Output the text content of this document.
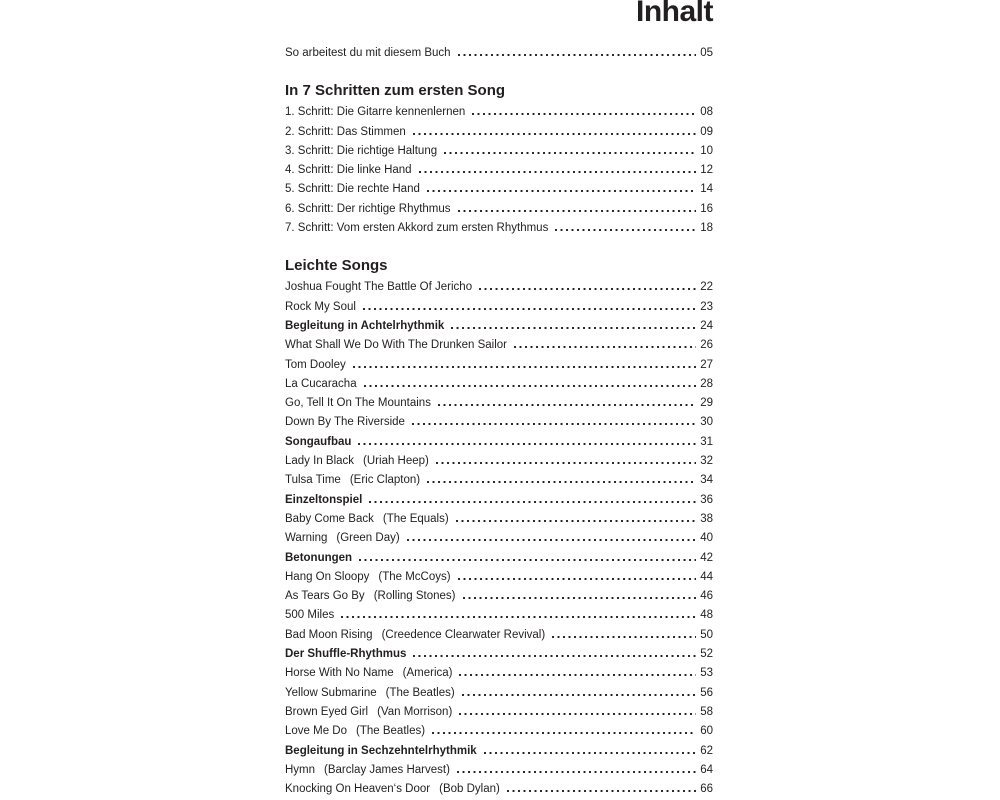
Inhalt
So arbeitest du mit diesem Buch	05
In 7 Schritten zum ersten Song
1. Schritt: Die Gitarre kennenlernen	08
2. Schritt: Das Stimmen	09
3. Schritt: Die richtige Haltung	10
4. Schritt: Die linke Hand	12
5. Schritt: Die rechte Hand	14
6. Schritt: Der richtige Rhythmus	16
7. Schritt: Vom ersten Akkord zum ersten Rhythmus	18
Leichte Songs
Joshua Fought The Battle Of Jericho	22
Rock My Soul	23
Begleitung in Achtelrhythmik	24
What Shall We Do With The Drunken Sailor	26
Tom Dooley	27
La Cucaracha	28
Go, Tell It On The Mountains	29
Down By The Riverside	30
Songaufbau	31
Lady In Black (Uriah Heep)	32
Tulsa Time (Eric Clapton)	34
Einzeltonspiel	36
Baby Come Back (The Equals)	38
Warning (Green Day)	40
Betonungen	42
Hang On Sloopy (The McCoys)	44
As Tears Go By (Rolling Stones)	46
500 Miles	48
Bad Moon Rising (Creedence Clearwater Revival)	50
Der Shuffle-Rhythmus	52
Horse With No Name (America)	53
Yellow Submarine (The Beatles)	56
Brown Eyed Girl (Van Morrison)	58
Love Me Do (The Beatles)	60
Begleitung in Sechzehntelrhythmik	62
Hymn (Barclay James Harvest)	64
Knocking On Heaven‘s Door (Bob Dylan)	66
